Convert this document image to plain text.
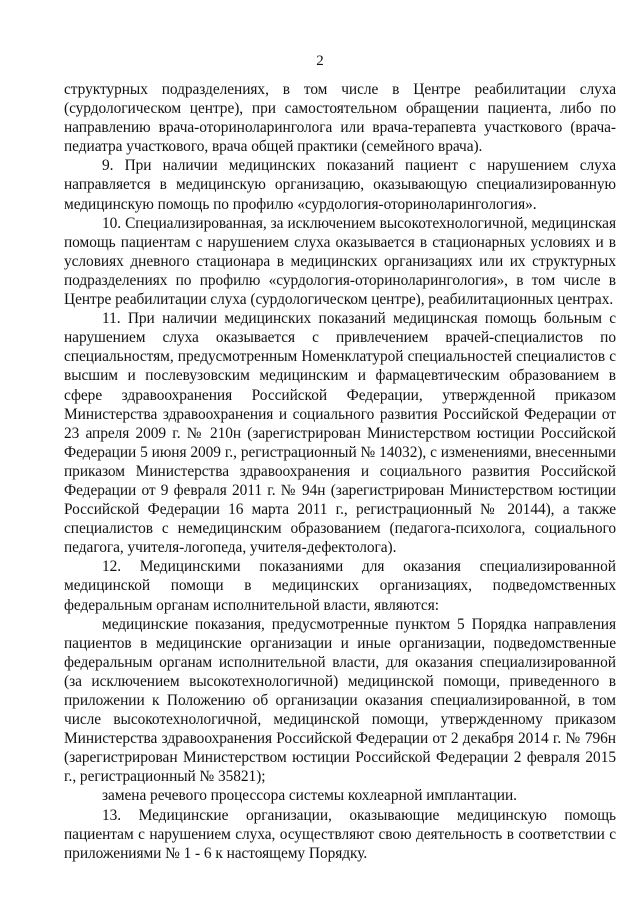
2

структурных подразделениях, в том числе в Центре реабилитации слуха (сурдологическом центре), при самостоятельном обращении пациента, либо по направлению врача-оториноларинголога или врача-терапевта участкового (врача-педиатра участкового, врача общей практики (семейного врача).

9. При наличии медицинских показаний пациент с нарушением слуха направляется в медицинскую организацию, оказывающую специализированную медицинскую помощь по профилю «сурдология-оториноларингология».

10. Специализированная, за исключением высокотехнологичной, медицинская помощь пациентам с нарушением слуха оказывается в стационарных условиях и в условиях дневного стационара в медицинских организациях или их структурных подразделениях по профилю «сурдология-оториноларингология», в том числе в Центре реабилитации слуха (сурдологическом центре), реабилитационных центрах.

11. При наличии медицинских показаний медицинская помощь больным с нарушением слуха оказывается с привлечением врачей-специалистов по специальностям, предусмотренным Номенклатурой специальностей специалистов с высшим и послевузовским медицинским и фармацевтическим образованием в сфере здравоохранения Российской Федерации, утвержденной приказом Министерства здравоохранения и социального развития Российской Федерации от 23 апреля 2009 г. № 210н (зарегистрирован Министерством юстиции Российской Федерации 5 июня 2009 г., регистрационный № 14032), с изменениями, внесенными приказом Министерства здравоохранения и социального развития Российской Федерации от 9 февраля 2011 г. № 94н (зарегистрирован Министерством юстиции Российской Федерации 16 марта 2011 г., регистрационный № 20144), а также специалистов с немедицинским образованием (педагога-психолога, социального педагога, учителя-логопеда, учителя-дефектолога).

12. Медицинскими показаниями для оказания специализированной медицинской помощи в медицинских организациях, подведомственных федеральным органам исполнительной власти, являются:

медицинские показания, предусмотренные пунктом 5 Порядка направления пациентов в медицинские организации и иные организации, подведомственные федеральным органам исполнительной власти, для оказания специализированной (за исключением высокотехнологичной) медицинской помощи, приведенного в приложении к Положению об организации оказания специализированной, в том числе высокотехнологичной, медицинской помощи, утвержденному приказом Министерства здравоохранения Российской Федерации от 2 декабря 2014 г. № 796н (зарегистрирован Министерством юстиции Российской Федерации 2 февраля 2015 г., регистрационный № 35821);

замена речевого процессора системы кохлеарной имплантации.

13. Медицинские организации, оказывающие медицинскую помощь пациентам с нарушением слуха, осуществляют свою деятельность в соответствии с приложениями № 1 - 6 к настоящему Порядку.
